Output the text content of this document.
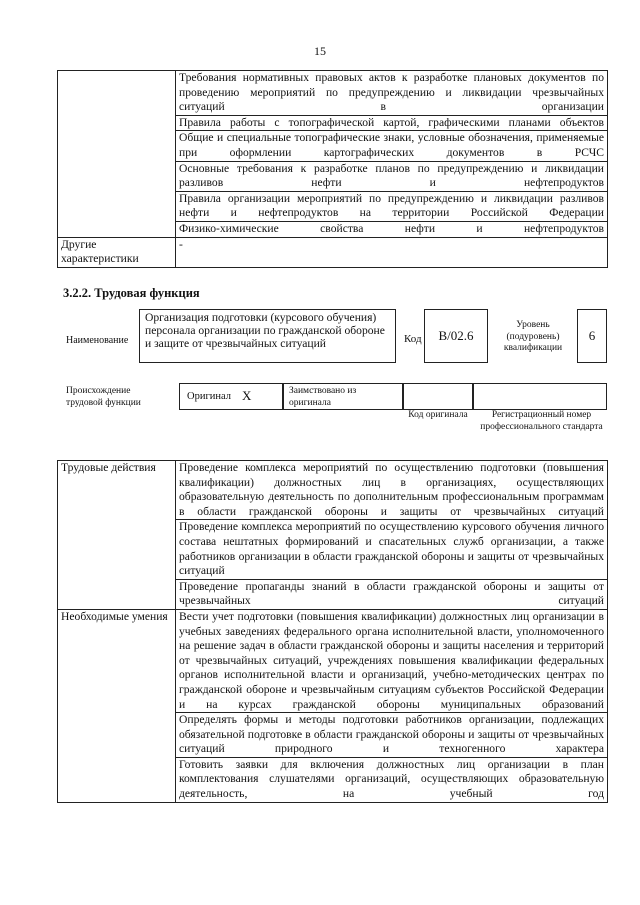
15
	Требования нормативных правовых актов к разработке плановых документов по проведению мероприятий по предупреждению и ликвидации чрезвычайных ситуаций в организации
	Правила работы с топографической картой, графическими планами объектов
	Общие и специальные топографические знаки, условные обозначения, применяемые при оформлении картографических документов в РСЧС
	Основные требования к разработке планов по предупреждению и ликвидации разливов нефти и нефтепродуктов
	Правила организации мероприятий по предупреждению и ликвидации разливов нефти и нефтепродуктов на территории Российской Федерации
	Физико-химические свойства нефти и нефтепродуктов
Другие характеристики	-
3.2.2. Трудовая функция
Наименование
Организация подготовки (курсового обучения) персонала организации по гражданской обороне и защите от чрезвычайных ситуаций	Код B/02.6
Уровень (подуровень) квалификации
6
Происхождение трудовой функции
Оригинал X	Заимствовано из оригинала
Код оригинала	Регистрационный номер профессионального стандарта
Трудовые действия	Проведение комплекса мероприятий по осуществлению подготовки (повышения квалификации) должностных лиц в организациях, осуществляющих образовательную деятельность по дополнительным профессиональным программам в области гражданской обороны и защиты от чрезвычайных ситуаций
	Проведение комплекса мероприятий по осуществлению курсового обучения личного состава нештатных формирований и спасательных служб организации, а также работников организации в области гражданской обороны и защиты от чрезвычайных ситуаций
	Проведение пропаганды знаний в области гражданской обороны и защиты от чрезвычайных ситуаций
Необходимые умения	Вести учет подготовки (повышения квалификации) должностных лиц организации в учебных заведениях федерального органа исполнительной власти, уполномоченного на решение задач в области гражданской обороны и защиты населения и территорий от чрезвычайных ситуаций, учреждениях повышения квалификации федеральных органов исполнительной власти и организаций, учебно-методических центрах по гражданской обороне и чрезвычайным ситуациям субъектов Российской Федерации и на курсах гражданской обороны муниципальных образований
	Определять формы и методы подготовки работников организации, подлежащих обязательной подготовке в области гражданской обороны и защиты от чрезвычайных ситуаций природного и техногенного характера
	Готовить заявки для включения должностных лиц организации в план комплектования слушателями организаций, осуществляющих образовательную деятельность, на учебный год
